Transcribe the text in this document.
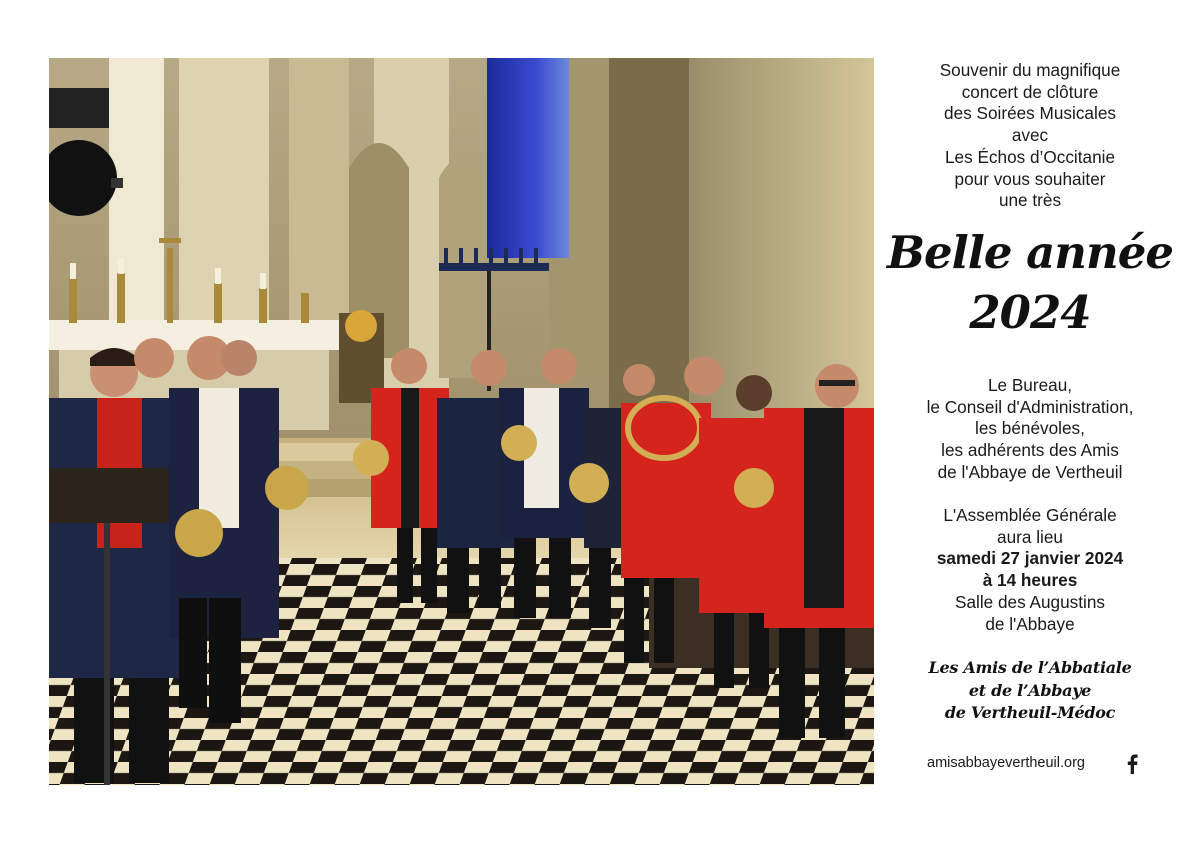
Souvenir du magnifique
concert de clôture
des Soirées Musicales
avec
Les Échos d’Occitanie
pour vous souhaiter
une très
Belle année
2024
Le Bureau,
le Conseil d'Administration,
les bénévoles,
les adhérents des Amis
de l'Abbaye de Vertheuil
L'Assemblée Générale
aura lieu
samedi 27 janvier 2024
à 14 heures
Salle des Augustins
de l'Abbaye
Les Amis de l’Abbatiale
et de l’Abbaye
de Vertheuil-Médoc
amisabbayevertheuil.org
